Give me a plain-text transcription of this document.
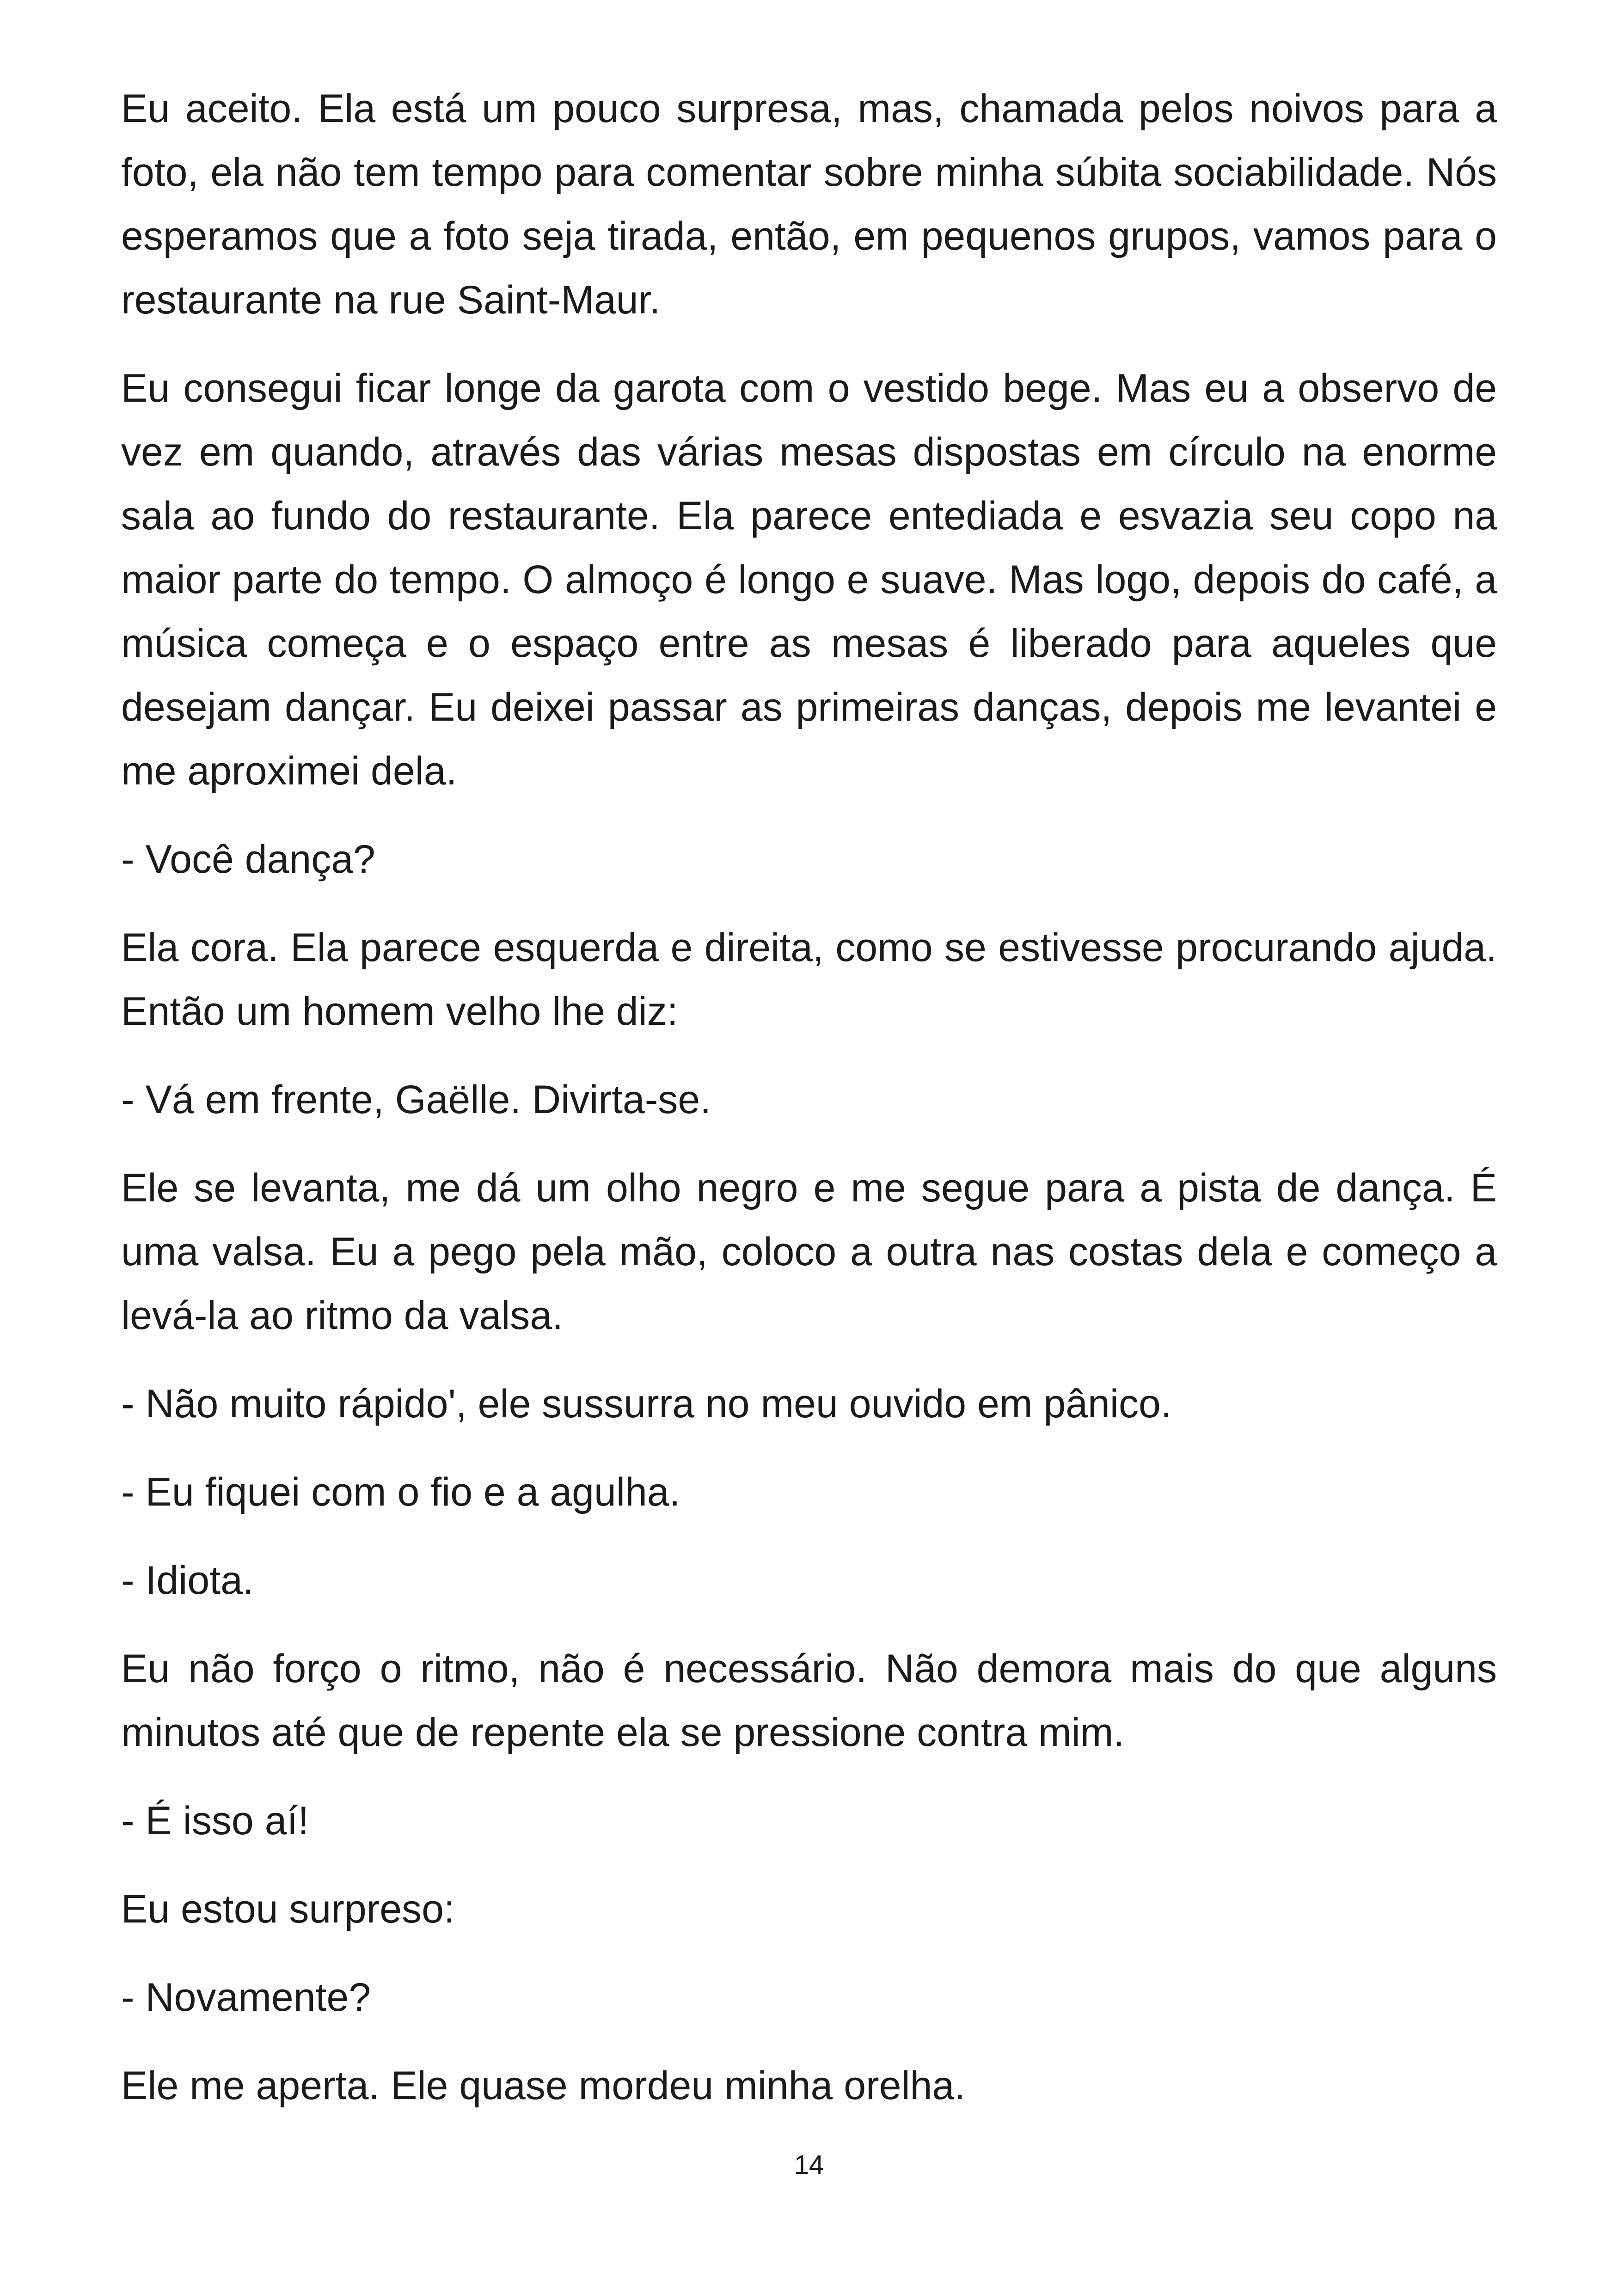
Eu aceito. Ela está um pouco surpresa, mas, chamada pelos noivos para a foto, ela não tem tempo para comentar sobre minha súbita sociabilidade. Nós esperamos que a foto seja tirada, então, em pequenos grupos, vamos para o restaurante na rue Saint-Maur.

Eu consegui ficar longe da garota com o vestido bege. Mas eu a observo de vez em quando, através das várias mesas dispostas em círculo na enorme sala ao fundo do restaurante. Ela parece entediada e esvazia seu copo na maior parte do tempo. O almoço é longo e suave. Mas logo, depois do café, a música começa e o espaço entre as mesas é liberado para aqueles que desejam dançar. Eu deixei passar as primeiras danças, depois me levantei e me aproximei dela.

- Você dança?

Ela cora. Ela parece esquerda e direita, como se estivesse procurando ajuda. Então um homem velho lhe diz:

- Vá em frente, Gaëlle. Divirta-se.

Ele se levanta, me dá um olho negro e me segue para a pista de dança. É uma valsa. Eu a pego pela mão, coloco a outra nas costas dela e começo a levá-la ao ritmo da valsa.

- Não muito rápido', ele sussurra no meu ouvido em pânico.

- Eu fiquei com o fio e a agulha.

- Idiota.

Eu não forço o ritmo, não é necessário. Não demora mais do que alguns minutos até que de repente ela se pressione contra mim.

- É isso aí!

Eu estou surpreso:

- Novamente?

Ele me aperta. Ele quase mordeu minha orelha.

14
